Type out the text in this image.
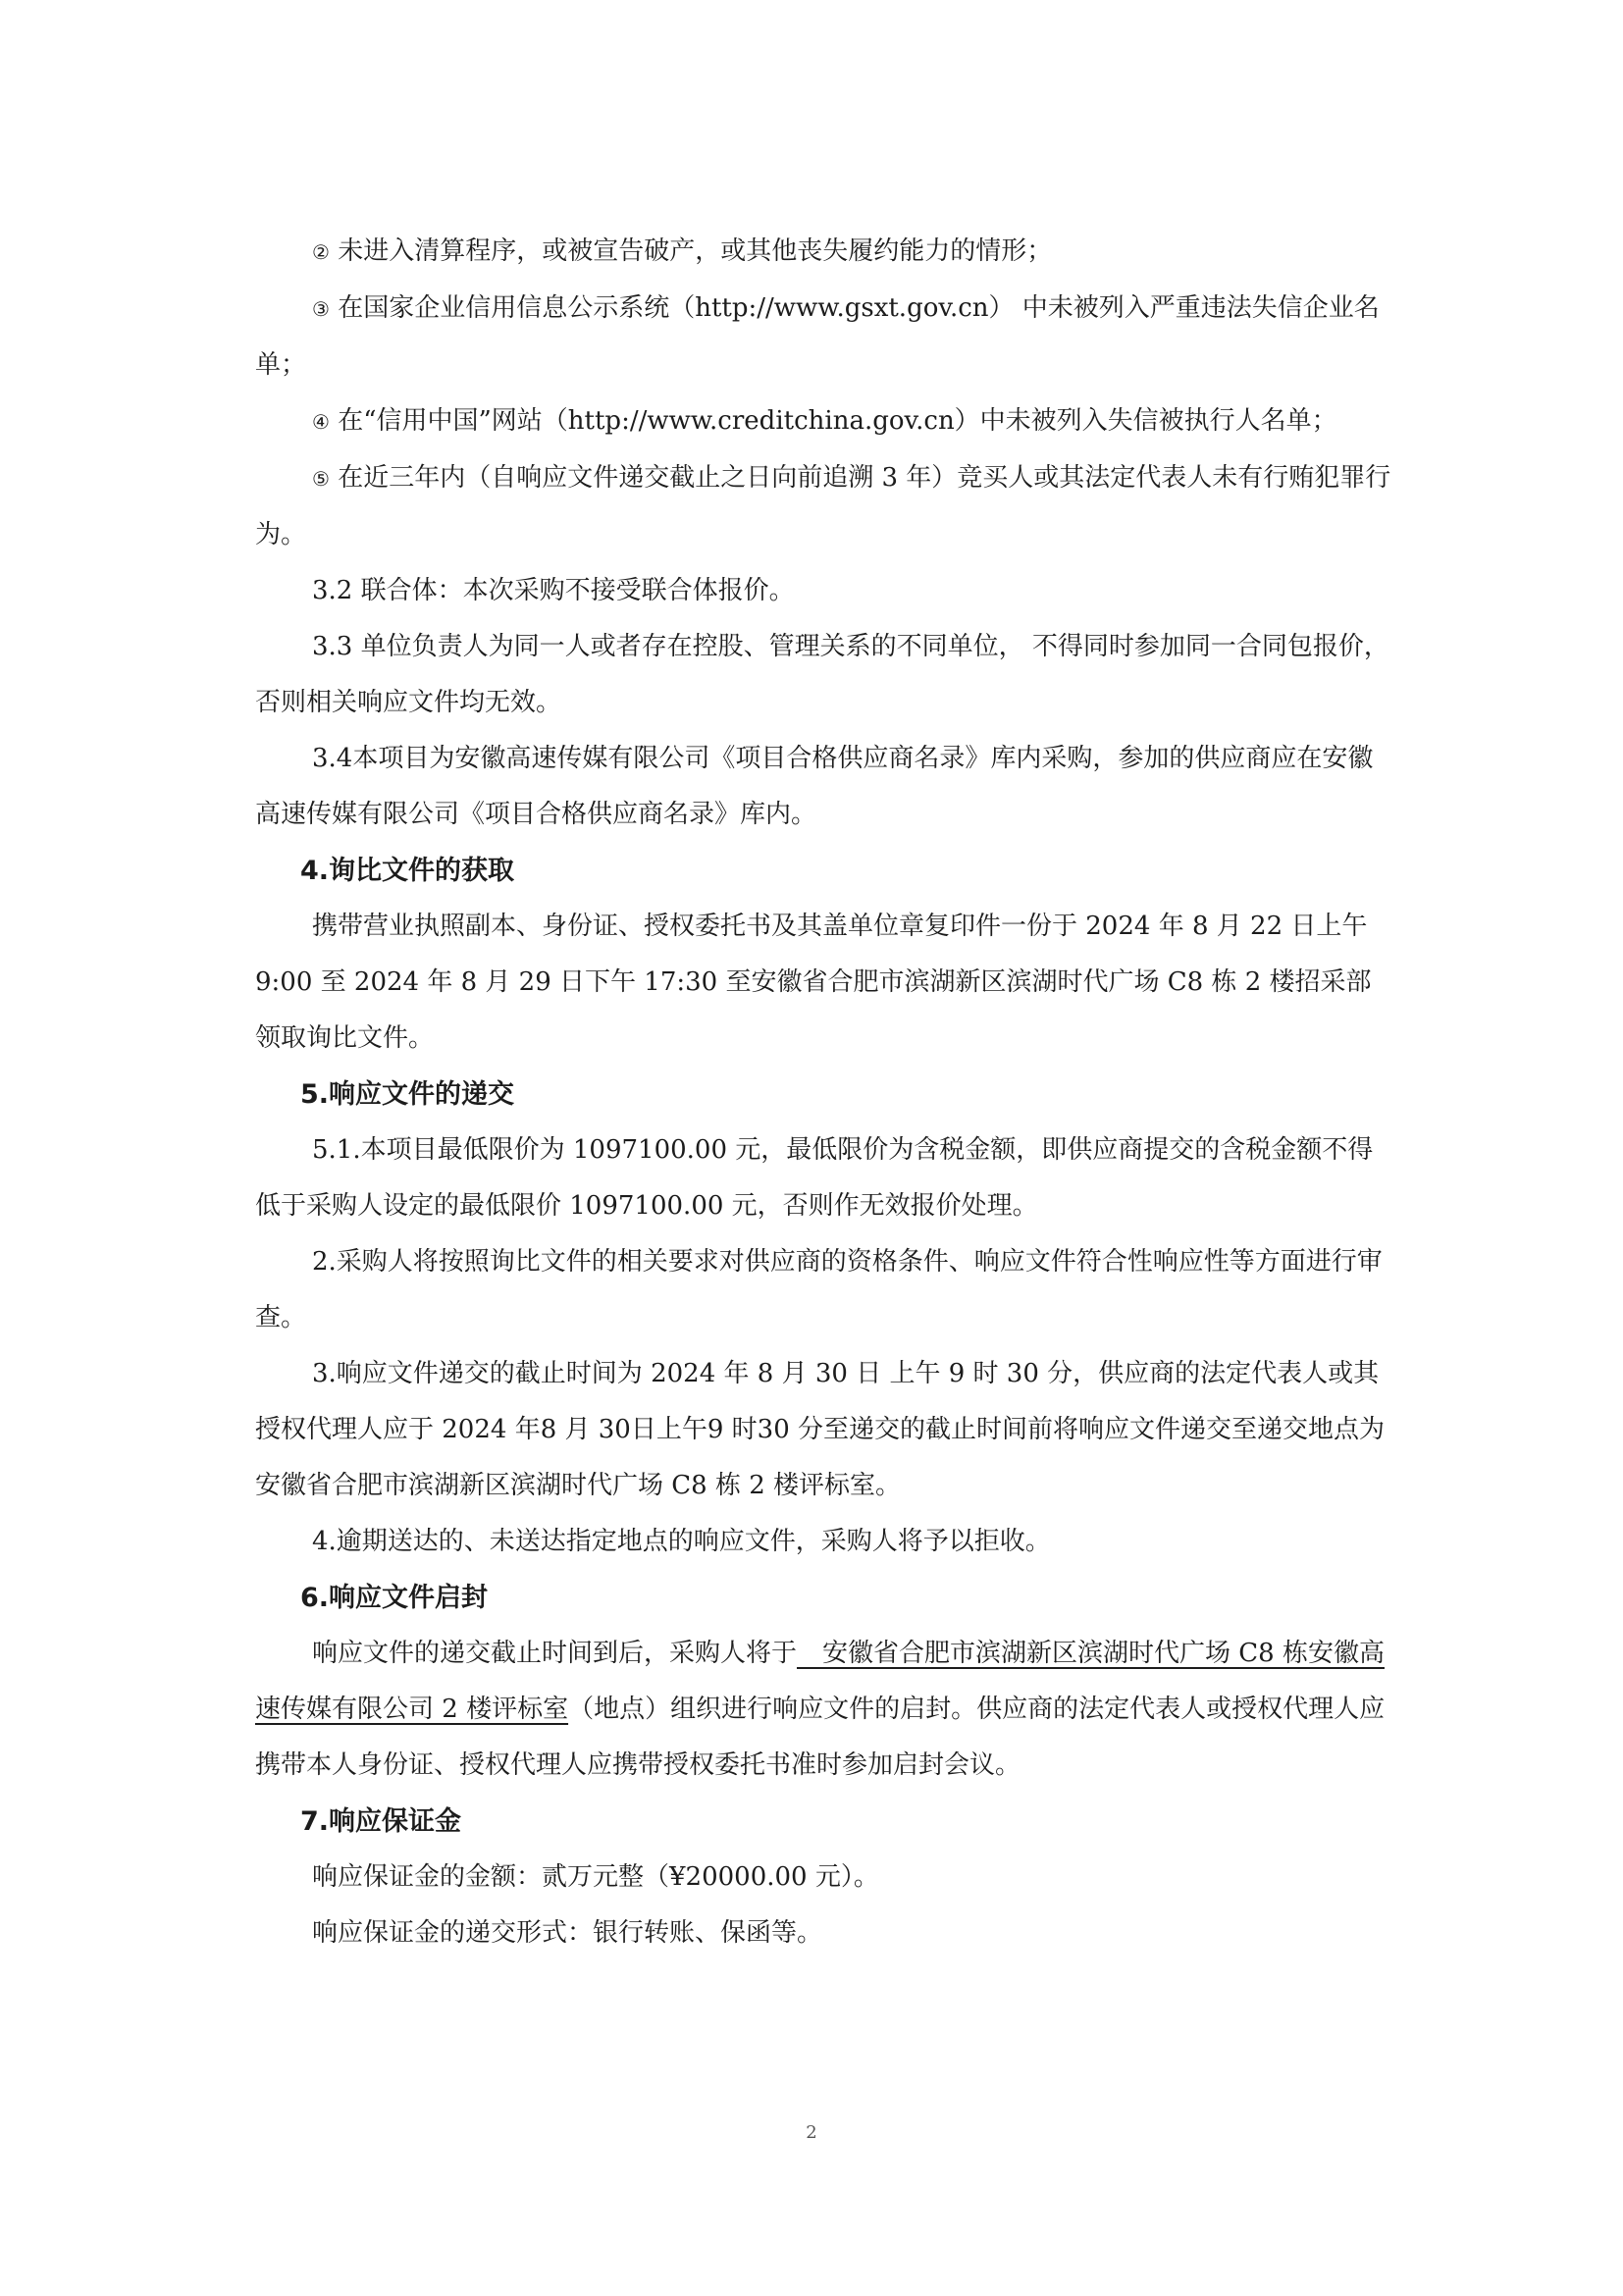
② 未进入清算程序，或被宣告破产，或其他丧失履约能力的情形；

③ 在国家企业信用信息公示系统（http://www.gsxt.gov.cn） 中未被列入严重违法失信企业名单；

④ 在“信用中国”网站（http://www.creditchina.gov.cn）中未被列入失信被执行人名单；

⑤ 在近三年内（自响应文件递交截止之日向前追溯 3 年）竞买人或其法定代表人未有行贿犯罪行为。

3.2 联合体：本次采购不接受联合体报价。

3.3 单位负责人为同一人或者存在控股、管理关系的不同单位， 不得同时参加同一合同包报价，否则相关响应文件均无效。

3.4本项目为安徽高速传媒有限公司《项目合格供应商名录》库内采购，参加的供应商应在安徽高速传媒有限公司《项目合格供应商名录》库内。

4.询比文件的获取

携带营业执照副本、身份证、授权委托书及其盖单位章复印件一份于 2024 年 8 月 22 日上午 9:00 至 2024 年 8 月 29 日下午 17:30 至安徽省合肥市滨湖新区滨湖时代广场 C8 栋 2 楼招采部领取询比文件。

5.响应文件的递交

5.1.本项目最低限价为 1097100.00 元，最低限价为含税金额，即供应商提交的含税金额不得低于采购人设定的最低限价 1097100.00 元，否则作无效报价处理。

2.采购人将按照询比文件的相关要求对供应商的资格条件、响应文件符合性响应性等方面进行审查。

3.响应文件递交的截止时间为 2024 年 8 月 30 日 上午 9 时 30 分，供应商的法定代表人或其授权代理人应于 2024 年8 月 30日上午9 时30 分至递交的截止时间前将响应文件递交至递交地点为安徽省合肥市滨湖新区滨湖时代广场 C8 栋 2 楼评标室。

4.逾期送达的、未送达指定地点的响应文件，采购人将予以拒收。

6.响应文件启封

响应文件的递交截止时间到后，采购人将于　安徽省合肥市滨湖新区滨湖时代广场 C8 栋安徽高速传媒有限公司 2 楼评标室（地点）组织进行响应文件的启封。供应商的法定代表人或授权代理人应携带本人身份证、授权代理人应携带授权委托书准时参加启封会议。

7.响应保证金

响应保证金的金额：贰万元整（¥20000.00 元）。

响应保证金的递交形式：银行转账、保函等。

2
